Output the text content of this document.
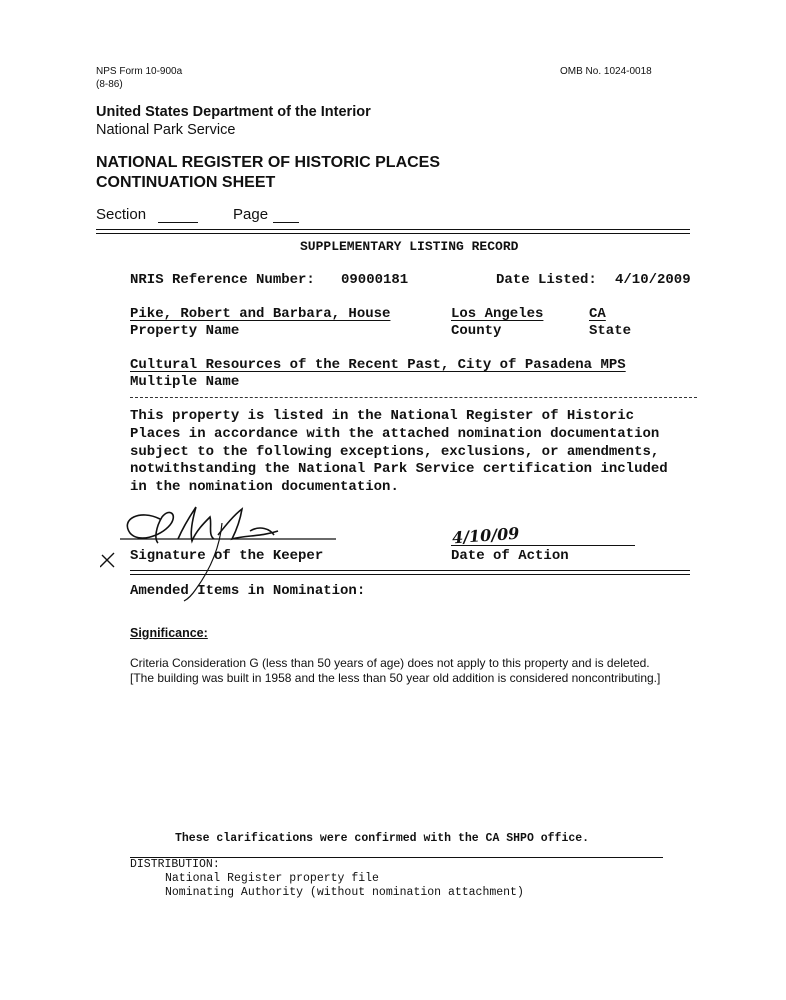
NPS Form 10-900a
(8-86)
OMB No. 1024-0018
United States Department of the Interior
National Park Service
NATIONAL REGISTER OF HISTORIC PLACES
CONTINUATION SHEET
Section	Page
SUPPLEMENTARY LISTING RECORD
NRIS Reference Number: 09000181	Date Listed: 4/10/2009
Pike, Robert and Barbara, House	Los Angeles	CA
Property Name	County	State
Cultural Resources of the Recent Past, City of Pasadena MPS
Multiple Name
This property is listed in the National Register of Historic
Places in accordance with the attached nomination documentation
subject to the following exceptions, exclusions, or amendments,
notwithstanding the National Park Service certification included
in the nomination documentation.
Signature of the Keeper
4/10/09
Date of Action
Amended Items in Nomination:
Significance:
Criteria Consideration G (less than 50 years of age) does not apply to this property and is deleted.
[The building was built in 1958 and the less than 50 year old addition is considered noncontributing.]
These clarifications were confirmed with the CA SHPO office.
DISTRIBUTION:
National Register property file
Nominating Authority (without nomination attachment)
